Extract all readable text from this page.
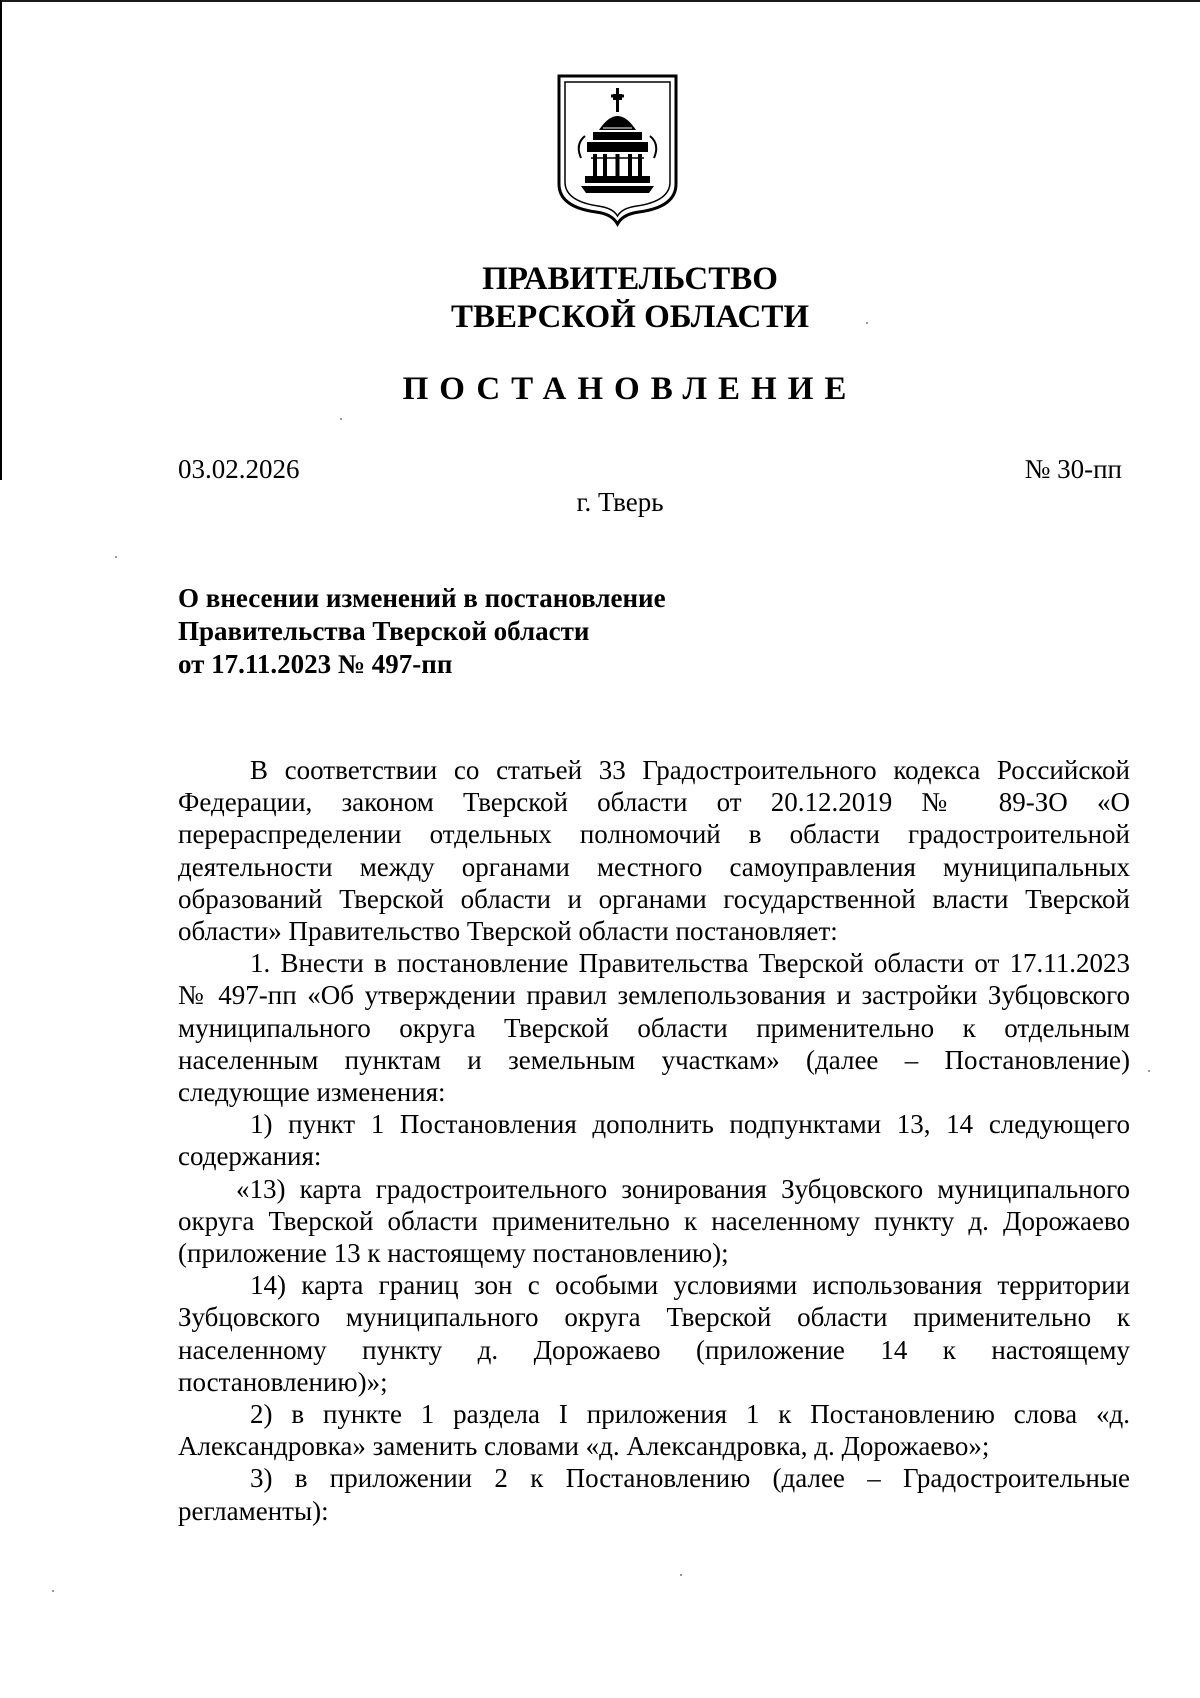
ПРАВИТЕЛЬСТВО
ТВЕРСКОЙ ОБЛАСТИ
ПОСТАНОВЛЕНИЕ
03.02.2026	№ 30-пп
г. Тверь
О внесении изменений в постановление
Правительства Тверской области
от 17.11.2023 № 497-пп

В соответствии со статьей 33 Градостроительного кодекса Российской Федерации, законом Тверской области от 20.12.2019 № 89-ЗО «О перераспределении отдельных полномочий в области градостроительной деятельности между органами местного самоуправления муниципальных образований Тверской области и органами государственной власти Тверской области» Правительство Тверской области постановляет:

1. Внести в постановление Правительства Тверской области от 17.11.2023 № 497-пп «Об утверждении правил землепользования и застройки Зубцовского муниципального округа Тверской области применительно к отдельным населенным пунктам и земельным участкам» (далее – Постановление) следующие изменения:

1) пункт 1 Постановления дополнить подпунктами 13, 14 следующего содержания:

«13) карта градостроительного зонирования Зубцовского муниципального округа Тверской области применительно к населенному пункту д. Дорожаево (приложение 13 к настоящему постановлению);

14) карта границ зон с особыми условиями использования территории Зубцовского муниципального округа Тверской области применительно к населенному пункту д. Дорожаево (приложение 14 к настоящему постановлению)»;

2) в пункте 1 раздела I приложения 1 к Постановлению слова «д. Александровка» заменить словами «д. Александровка, д. Дорожаево»;

3) в приложении 2 к Постановлению (далее – Градостроительные регламенты):
